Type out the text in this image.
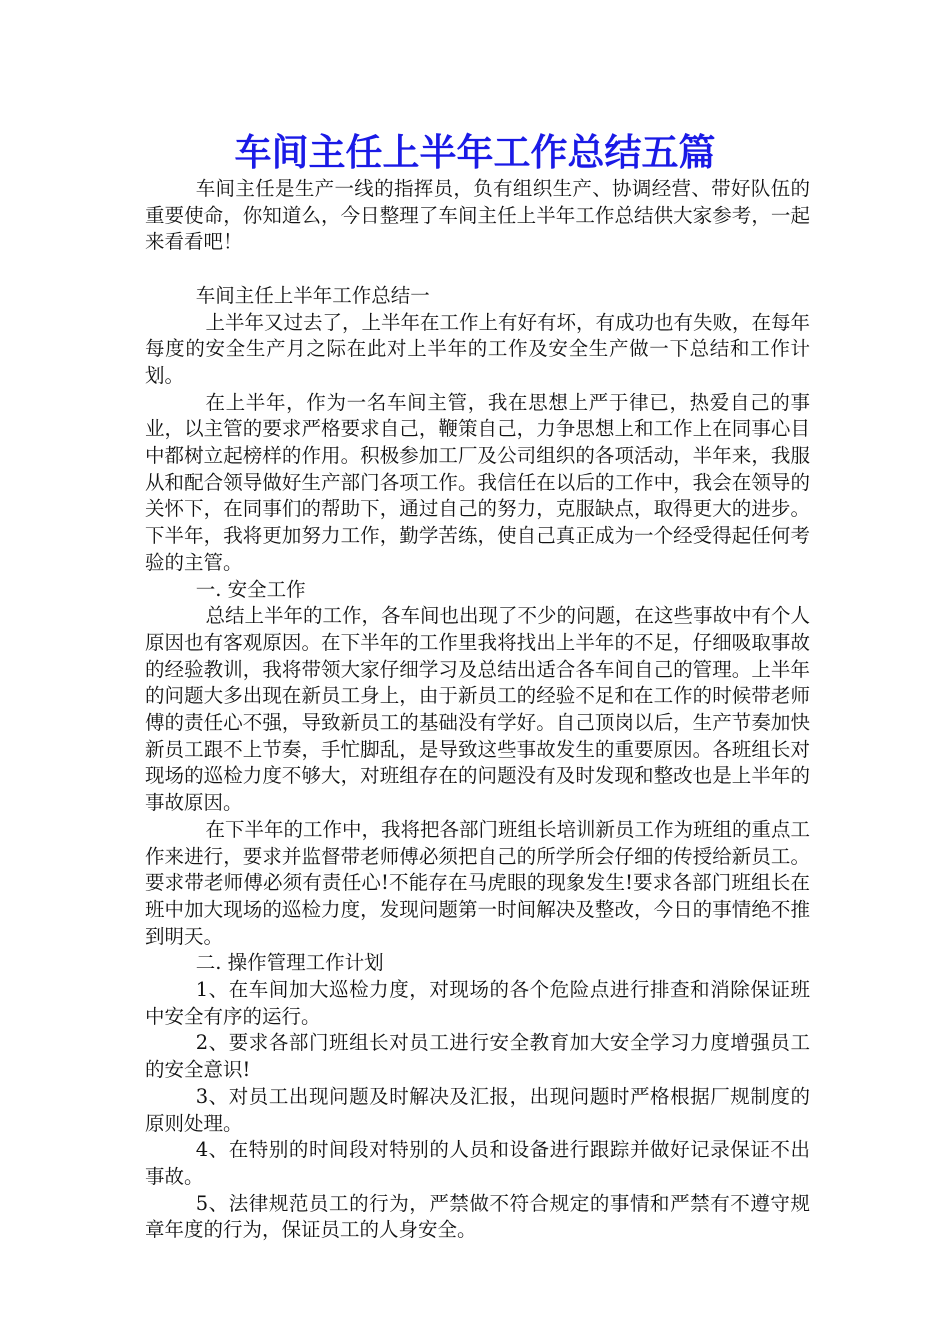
车间主任上半年工作总结五篇

车间主任是生产一线的指挥员，负有组织生产、协调经营、带好队伍的重要使命，你知道么，今日整理了车间主任上半年工作总结供大家参考，一起来看看吧！

车间主任上半年工作总结一

上半年又过去了，上半年在工作上有好有坏，有成功也有失败，在每年每度的安全生产月之际在此对上半年的工作及安全生产做一下总结和工作计划。

在上半年，作为一名车间主管，我在思想上严于律已，热爱自己的事业，以主管的要求严格要求自己，鞭策自己，力争思想上和工作上在同事心目中都树立起榜样的作用。积极参加工厂及公司组织的各项活动，半年来，我服从和配合领导做好生产部门各项工作。我信任在以后的工作中，我会在领导的关怀下，在同事们的帮助下，通过自己的努力，克服缺点，取得更大的进步。下半年，我将更加努力工作，勤学苦练，使自己真正成为一个经受得起任何考验的主管。

一. 安全工作

总结上半年的工作，各车间也出现了不少的问题，在这些事故中有个人原因也有客观原因。在下半年的工作里我将找出上半年的不足，仔细吸取事故的经验教训，我将带领大家仔细学习及总结出适合各车间自己的管理。上半年的问题大多出现在新员工身上，由于新员工的经验不足和在工作的时候带老师傅的责任心不强，导致新员工的基础没有学好。自己顶岗以后，生产节奏加快新员工跟不上节奏，手忙脚乱，是导致这些事故发生的重要原因。各班组长对现场的巡检力度不够大，对班组存在的问题没有及时发现和整改也是上半年的事故原因。

在下半年的工作中，我将把各部门班组长培训新员工作为班组的重点工作来进行，要求并监督带老师傅必须把自己的所学所会仔细的传授给新员工。要求带老师傅必须有责任心!不能存在马虎眼的现象发生!要求各部门班组长在班中加大现场的巡检力度，发现问题第一时间解决及整改，今日的事情绝不推到明天。

二. 操作管理工作计划

1、在车间加大巡检力度，对现场的各个危险点进行排查和消除保证班中安全有序的运行。

2、要求各部门班组长对员工进行安全教育加大安全学习力度增强员工的安全意识!

3、对员工出现问题及时解决及汇报，出现问题时严格根据厂规制度的原则处理。

4、在特别的时间段对特别的人员和设备进行跟踪并做好记录保证不出事故。

5、法律规范员工的行为，严禁做不符合规定的事情和严禁有不遵守规章年度的行为，保证员工的人身安全。
